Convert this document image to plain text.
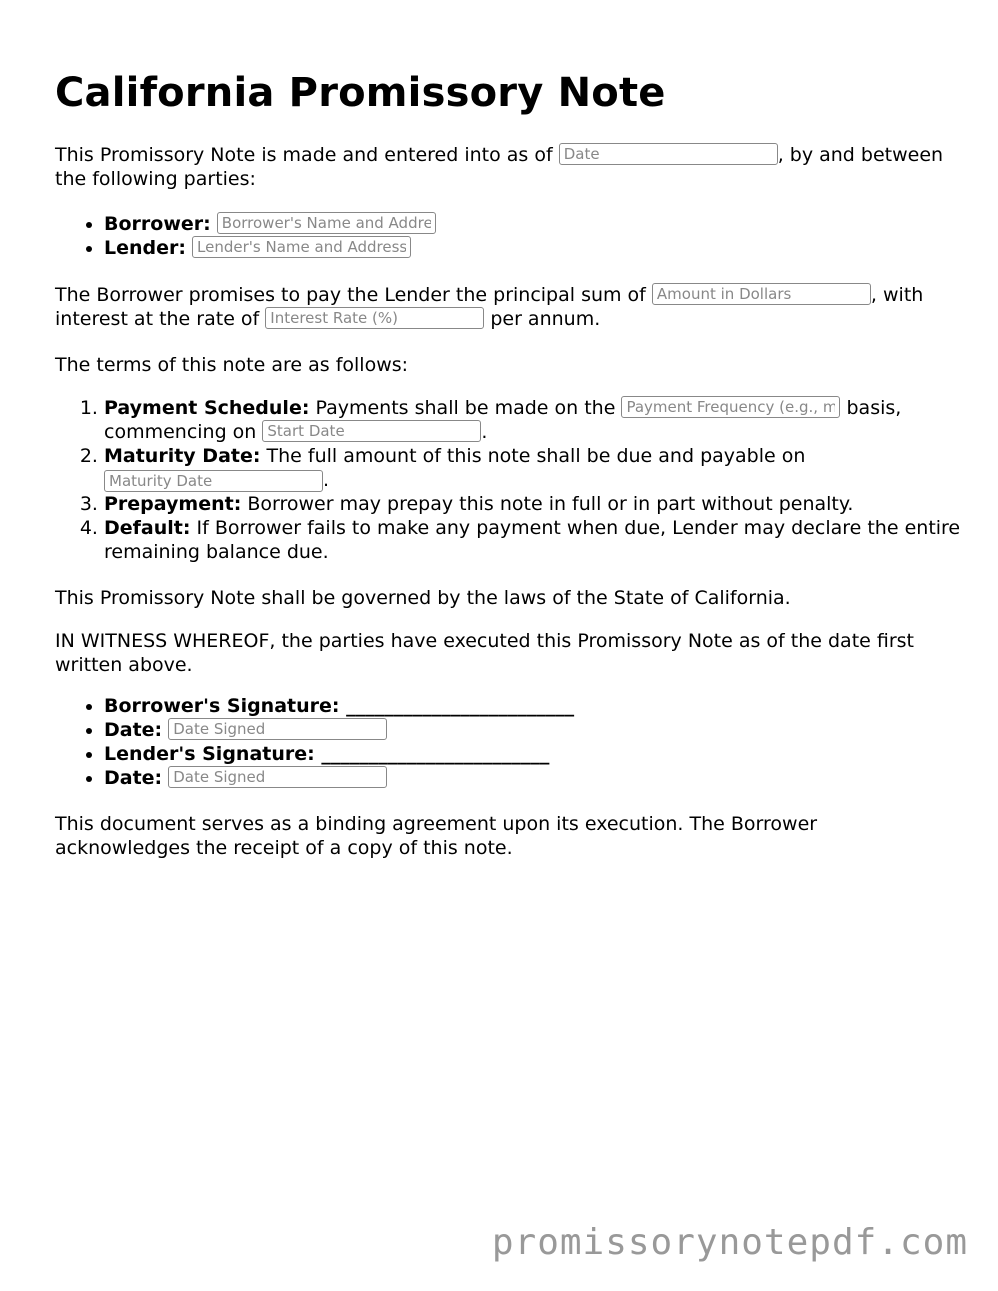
California Promissory Note

This Promissory Note is made and entered into as of Date	, by and between the following parties:

• Borrower: Borrower's Name and Address
• Lender: Lender's Name and Address

The Borrower promises to pay the Lender the principal sum of Amount in Dollars	, with interest at the rate of Interest Rate (%)	per annum.

The terms of this note are as follows:

1. Payment Schedule: Payments shall be made on the Payment Frequency (e.g., monthly)	basis, commencing on Start Date	.
2. Maturity Date: The full amount of this note shall be due and payable on
Maturity Date.
3. Prepayment: Borrower may prepay this note in full or in part without penalty.
4. Default: If Borrower fails to make any payment when due, Lender may declare the entire remaining balance due.

This Promissory Note shall be governed by the laws of the State of California.

IN WITNESS WHEREOF, the parties have executed this Promissory Note as of the date first written above.

• Borrower's Signature: ________________________
• Date: Date Signed
• Lender's Signature: ________________________
• Date: Date Signed

This document serves as a binding agreement upon its execution. The Borrower acknowledges the receipt of a copy of this note.

promissorynotepdf.com
